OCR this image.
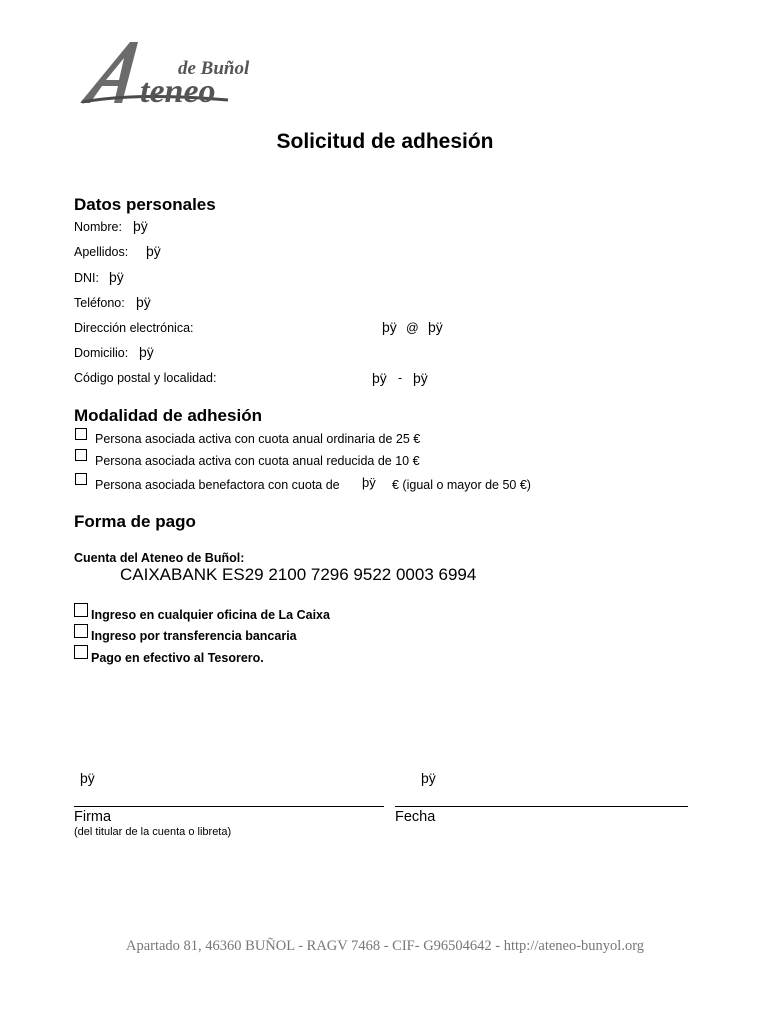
de Buñol
teneo
Solicitud de adhesión
Datos personales
Nombre: þÿ
Apellidos: þÿ
DNI: þÿ
Teléfono: þÿ
Dirección electrónica:	þÿ @ þÿ
Domicilio: þÿ
Código postal y localidad:	þÿ - þÿ
Modalidad de adhesión
Persona asociada activa con cuota anual ordinaria de 25 €
Persona asociada activa con cuota anual reducida de 10 €
Persona asociada benefactora con cuota de þÿ € (igual o mayor de 50 €)
Forma de pago
Cuenta del Ateneo de Buñol:
CAIXABANK ES29 2100 7296 9522 0003 6994
Ingreso en cualquier oficina de La Caixa
Ingreso por transferencia bancaria
Pago en efectivo al Tesorero.
þÿ	þÿ
Firma
(del titular de la cuenta o libreta)
Fecha
Apartado 81, 46360 BUÑOL - RAGV 7468 - CIF- G96504642 - http://ateneo-bunyol.org
